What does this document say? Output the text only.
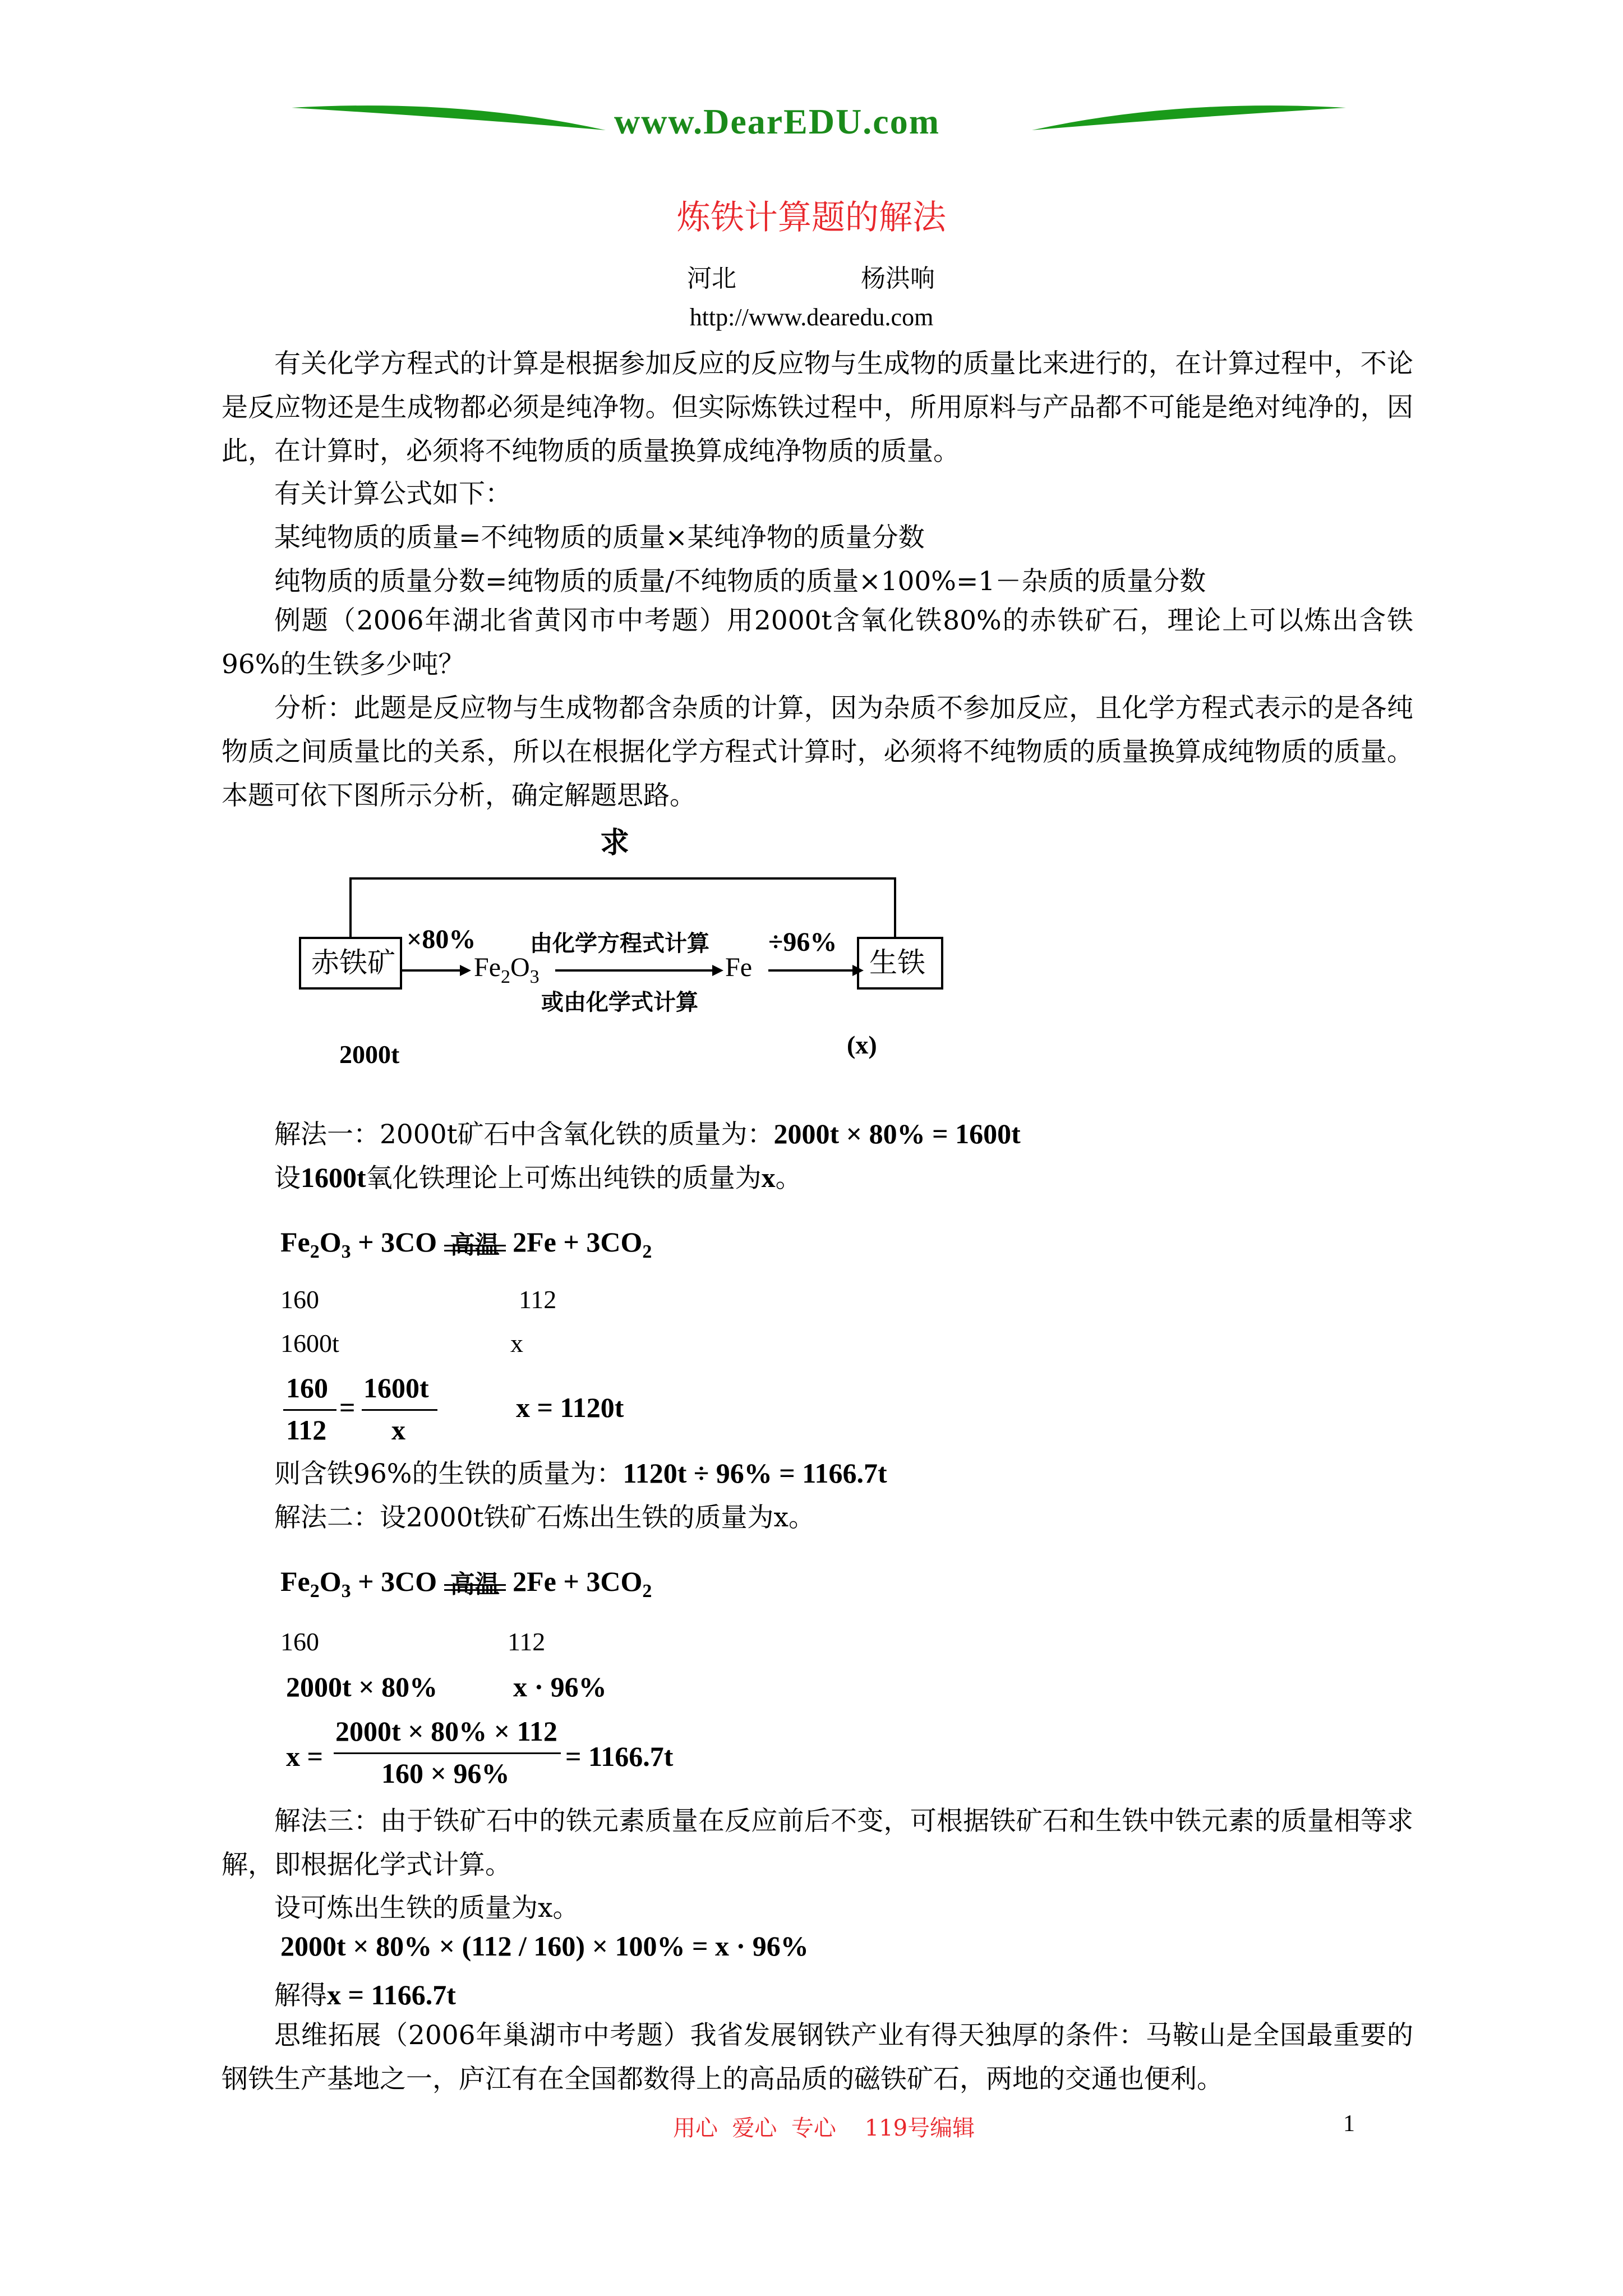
www.DearEDU.com
炼铁计算题的解法
河北	杨洪响
http://www.dearedu.com
有关化学方程式的计算是根据参加反应的反应物与生成物的质量比来进行的，在计算过程中，不论是反应物还是生成物都必须是纯净物。但实际炼铁过程中，所用原料与产品都不可能是绝对纯净的，因此，在计算时，必须将不纯物质的质量换算成纯净物质的质量。
有关计算公式如下：
某纯物质的质量=不纯物质的质量×某纯净物的质量分数
纯物质的质量分数=纯物质的质量/不纯物质的质量×100%=1－杂质的质量分数
例题（2006年湖北省黄冈市中考题）用2000t含氧化铁80%的赤铁矿石，理论上可以炼出含铁96%的生铁多少吨？
分析：此题是反应物与生成物都含杂质的计算，因为杂质不参加反应，且化学方程式表示的是各纯物质之间质量比的关系，所以在根据化学方程式计算时，必须将不纯物质的质量换算成纯物质的质量。本题可依下图所示分析，确定解题思路。
求
赤铁矿
×80%
$Fe_2O_3$
由化学方程式计算
或由化学式计算
Fe
÷96%
生铁
2000t	(x)
解法一：2000t矿石中含氧化铁的质量为：2000t × 80% = 1600t
设1600t氧化铁理论上可炼出纯铁的质量为x。
$Fe_2O_3 + 3CO$ 高温 $2Fe + 3CO_2$
160	112
1600t	x
160
112
=
1600t
x
x = 1120t
则含铁96%的生铁的质量为：1120t ÷ 96% = 1166.7t
解法二：设2000t铁矿石炼出生铁的质量为x。
$Fe_2O_3 + 3CO$ 高温 $2Fe + 3CO_2$
160	112
2000t × 80%	x · 96%
x =
2000t × 80% × 112
160 × 96%
= 1166.7t
解法三：由于铁矿石中的铁元素质量在反应前后不变，可根据铁矿石和生铁中铁元素的质量相等求解，即根据化学式计算。
设可炼出生铁的质量为x。
2000t × 80% × (112 / 160) × 100% = x · 96%
解得x = 1166.7t
思维拓展（2006年巢湖市中考题）我省发展钢铁产业有得天独厚的条件：马鞍山是全国最重要的钢铁生产基地之一，庐江有在全国都数得上的高品质的磁铁矿石，两地的交通也便利。
用心  爱心  专心    119号编辑	1
